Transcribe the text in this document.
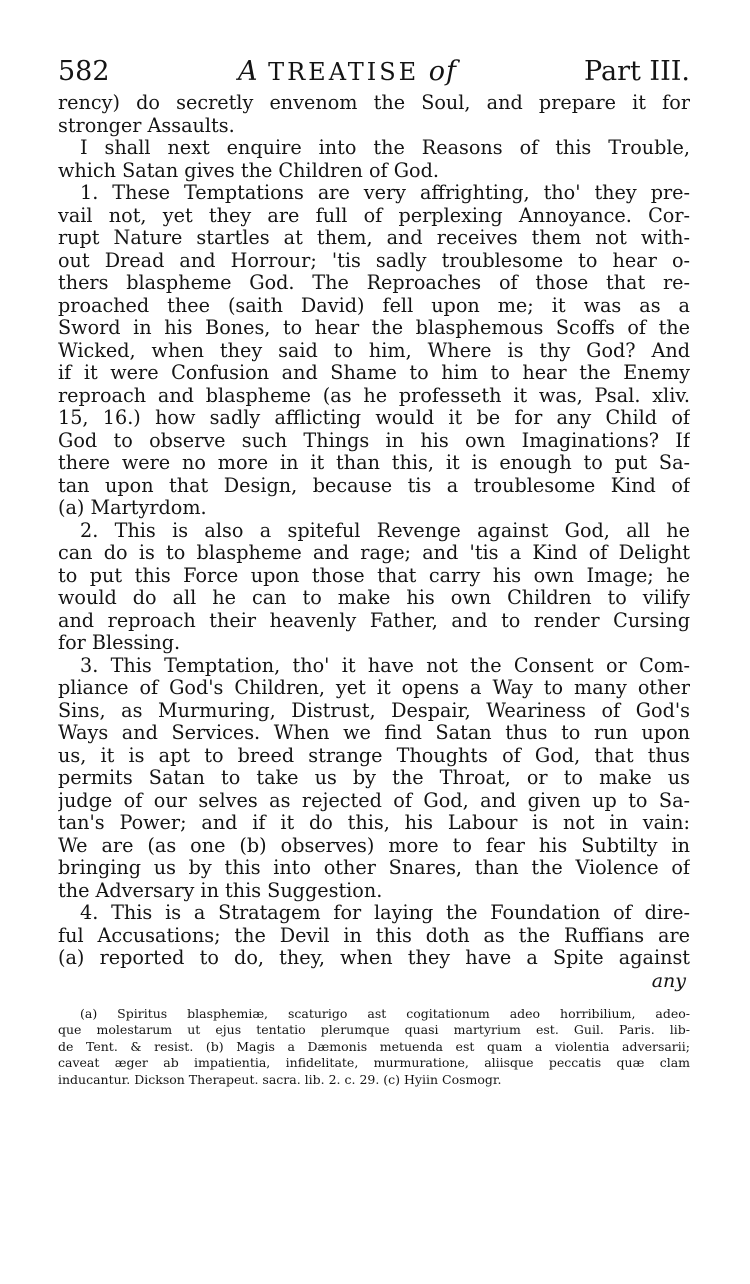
582	A TREATISE of	Part III.
rency) do secretly envenom the Soul, and prepare it for
stronger Assaults.
I shall next enquire into the Reasons of this Trouble,
which Satan gives the Children of God.
1. These Temptations are very affrighting, tho' they pre-
vail not, yet they are full of perplexing Annoyance. Cor-
rupt Nature startles at them, and receives them not with-
out Dread and Horrour; 'tis sadly troublesome to hear o-
thers blaspheme God. The Reproaches of those that re-
proached thee (saith David) fell upon me; it was as a
Sword in his Bones, to hear the blasphemous Scoffs of the
Wicked, when they said to him, Where is thy God? And
if it were Confusion and Shame to him to hear the Enemy
reproach and blaspheme (as he professeth it was, Psal. xliv.
15, 16.) how sadly afflicting would it be for any Child of
God to observe such Things in his own Imaginations? If
there were no more in it than this, it is enough to put Sa-
tan upon that Design, because tis a troublesome Kind of
(a) Martyrdom.
2. This is also a spiteful Revenge against God, all he
can do is to blaspheme and rage; and 'tis a Kind of Delight
to put this Force upon those that carry his own Image; he
would do all he can to make his own Children to vilify
and reproach their heavenly Father, and to render Cursing
for Blessing.
3. This Temptation, tho' it have not the Consent or Com-
pliance of God's Children, yet it opens a Way to many other
Sins, as Murmuring, Distrust, Despair, Weariness of God's
Ways and Services. When we find Satan thus to run upon
us, it is apt to breed strange Thoughts of God, that thus
permits Satan to take us by the Throat, or to make us
judge of our selves as rejected of God, and given up to Sa-
tan's Power; and if it do this, his Labour is not in vain:
We are (as one (b) observes) more to fear his Subtilty in
bringing us by this into other Snares, than the Violence of
the Adversary in this Suggestion.
4. This is a Stratagem for laying the Foundation of dire-
ful Accusations; the Devil in this doth as the Ruffians are
(a) reported to do, they, when they have a Spite against
any
(a) Spiritus blasphemiæ, scaturigo ast cogitationum adeo horribilium, adeo-
que molestarum ut ejus tentatio plerumque quasi martyrium est. Guil. Paris. lib-
de Tent. & resist. (b) Magis a Dæmonis metuenda est quam a violentia adversarii;
caveat æger ab impatientia, infidelitate, murmuratione, aliisque peccatis quæ clam
inducantur. Dickson Therapeut. sacra. lib. 2. c. 29. (c) Hyiin Cosmogr.
